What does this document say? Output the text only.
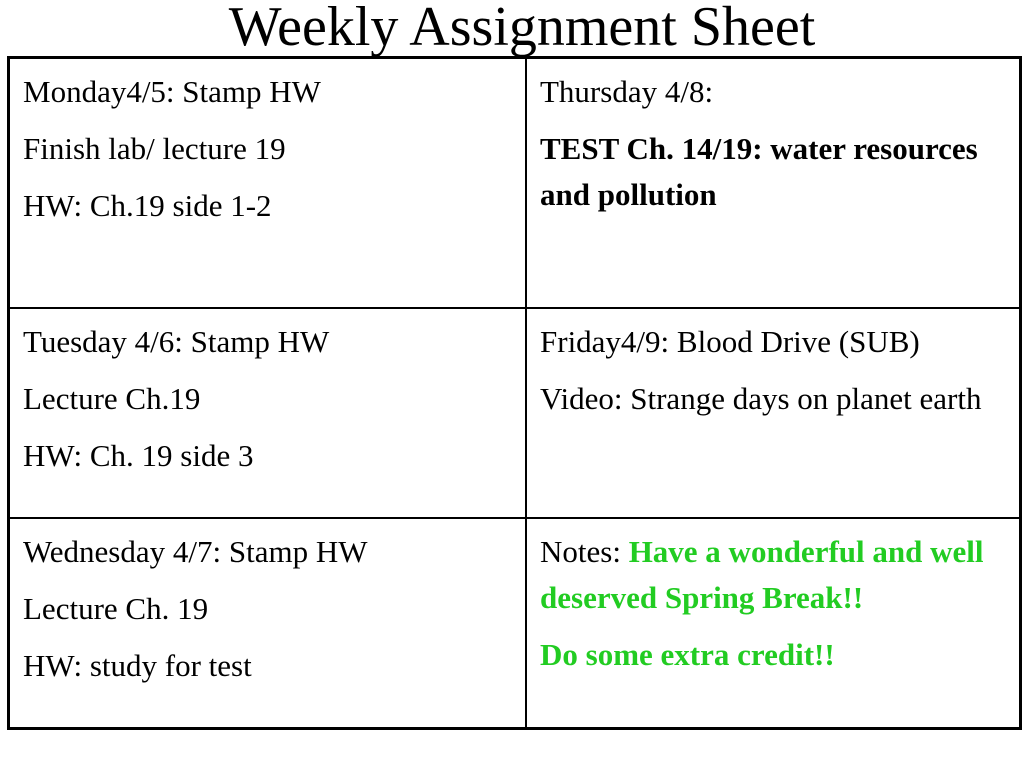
Weekly Assignment Sheet
Monday4/5: Stamp HW
Finish lab/ lecture 19
HW: Ch.19 side 1-2	Thursday 4/8:
TEST Ch. 14/19: water resources and pollution

Tuesday 4/6: Stamp HW
Lecture Ch.19
HW: Ch. 19 side 3	Friday4/9: Blood Drive (SUB)
Video: Strange days on planet earth

Wednesday 4/7: Stamp HW
Lecture Ch. 19
HW: study for test	Notes: Have a wonderful and well deserved Spring Break!!
Do some extra credit!!
